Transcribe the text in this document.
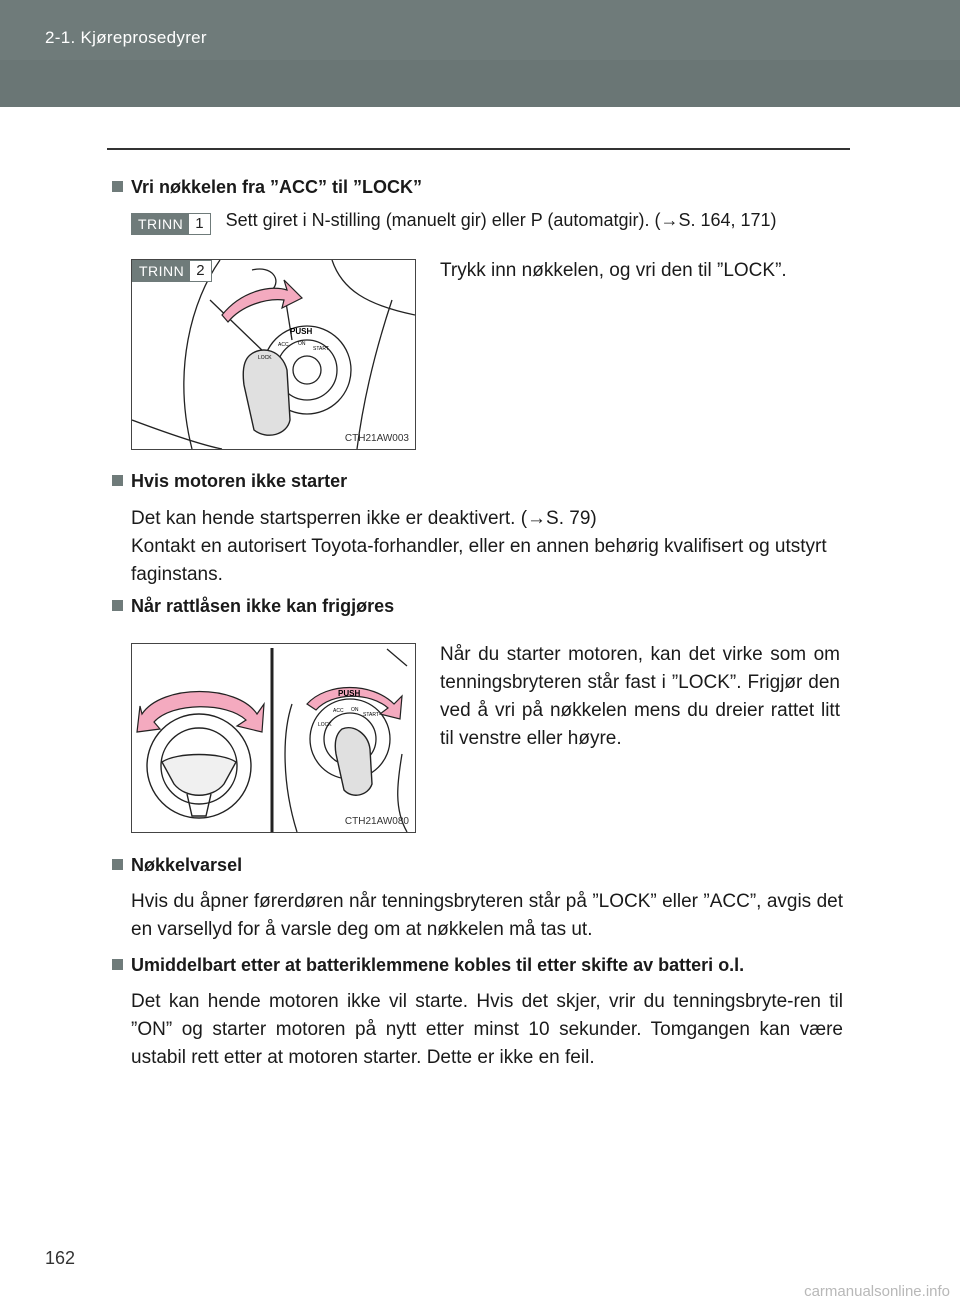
2-1. Kjøreprosedyrer
Vri nøkkelen fra ”ACC” til ”LOCK”
TRINN 1	Sett giret i N-stilling (manuelt gir) eller P (automatgir). (→S. 164, 171)
PUSH
LOCK
ACC ON
START
TRINN 2
CTH21AW003
Trykk inn nøkkelen, og vri den til ”LOCK”.
Hvis motoren ikke starter
Det kan hende startsperren ikke er deaktivert. (→S. 79)
Kontakt en autorisert Toyota-forhandler, eller en annen behørig kvalifisert og utstyrt faginstans.
Når rattlåsen ikke kan frigjøres
PUSH
LOCK
ACC ON
START
CTH21AW080
Når du starter motoren, kan det virke som om tenningsbryteren står fast i ”LOCK”. Frigjør den ved å vri på nøkkelen mens du dreier rattet litt til venstre eller høyre.
Nøkkelvarsel
Hvis du åpner førerdøren når tenningsbryteren står på ”LOCK” eller ”ACC”, avgis det en varsellyd for å varsle deg om at nøkkelen må tas ut.
Umiddelbart etter at batteriklemmene kobles til etter skifte av batteri o.l.
Det kan hende motoren ikke vil starte. Hvis det skjer, vrir du tenningsbryte-ren til ”ON” og starter motoren på nytt etter minst 10 sekunder. Tomgangen kan være ustabil rett etter at motoren starter. Dette er ikke en feil.
162
carmanualsonline.info
